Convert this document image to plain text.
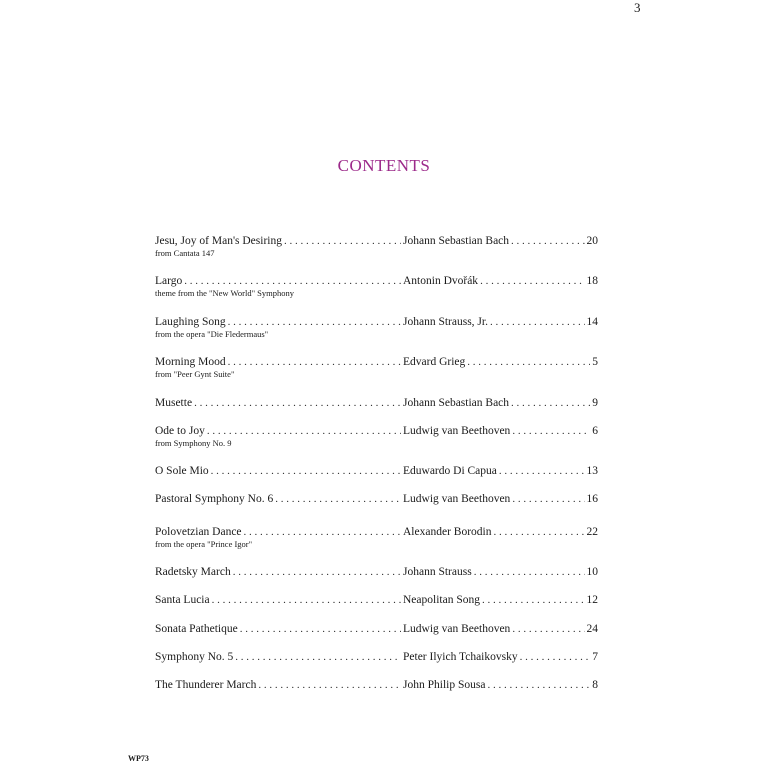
3
CONTENTS
Jesu, Joy of Man's Desiring . . .	Johann Sebastian Bach . . .	20
from Cantata 147
Largo . . .	Antonin Dvořák . . .	18
theme from the "New World" Symphony
Laughing Song . . .	Johann Strauss, Jr. . . .	14
from the opera "Die Fledermaus"
Morning Mood . . .	Edvard Grieg . . .	5
from "Peer Gynt Suite"
Musette . . .	Johann Sebastian Bach . . .	9
Ode to Joy . . .	Ludwig van Beethoven . . .	6
from Symphony No. 9
O Sole Mio . . .	Eduwardo Di Capua . . .	13
Pastoral Symphony No. 6 . . .	Ludwig van Beethoven . . .	16
Polovetzian Dance . . .	Alexander Borodin . . .	22
from the opera "Prince Igor"
Radetsky March . . .	Johann Strauss . . .	10
Santa Lucia . . .	Neapolitan Song . . .	12
Sonata Pathetique . . .	Ludwig van Beethoven . . .	24
Symphony No. 5 . . .	Peter Ilyich Tchaikovsky . . .	7
The Thunderer March . . .	John Philip Sousa . . .	8
WP73
